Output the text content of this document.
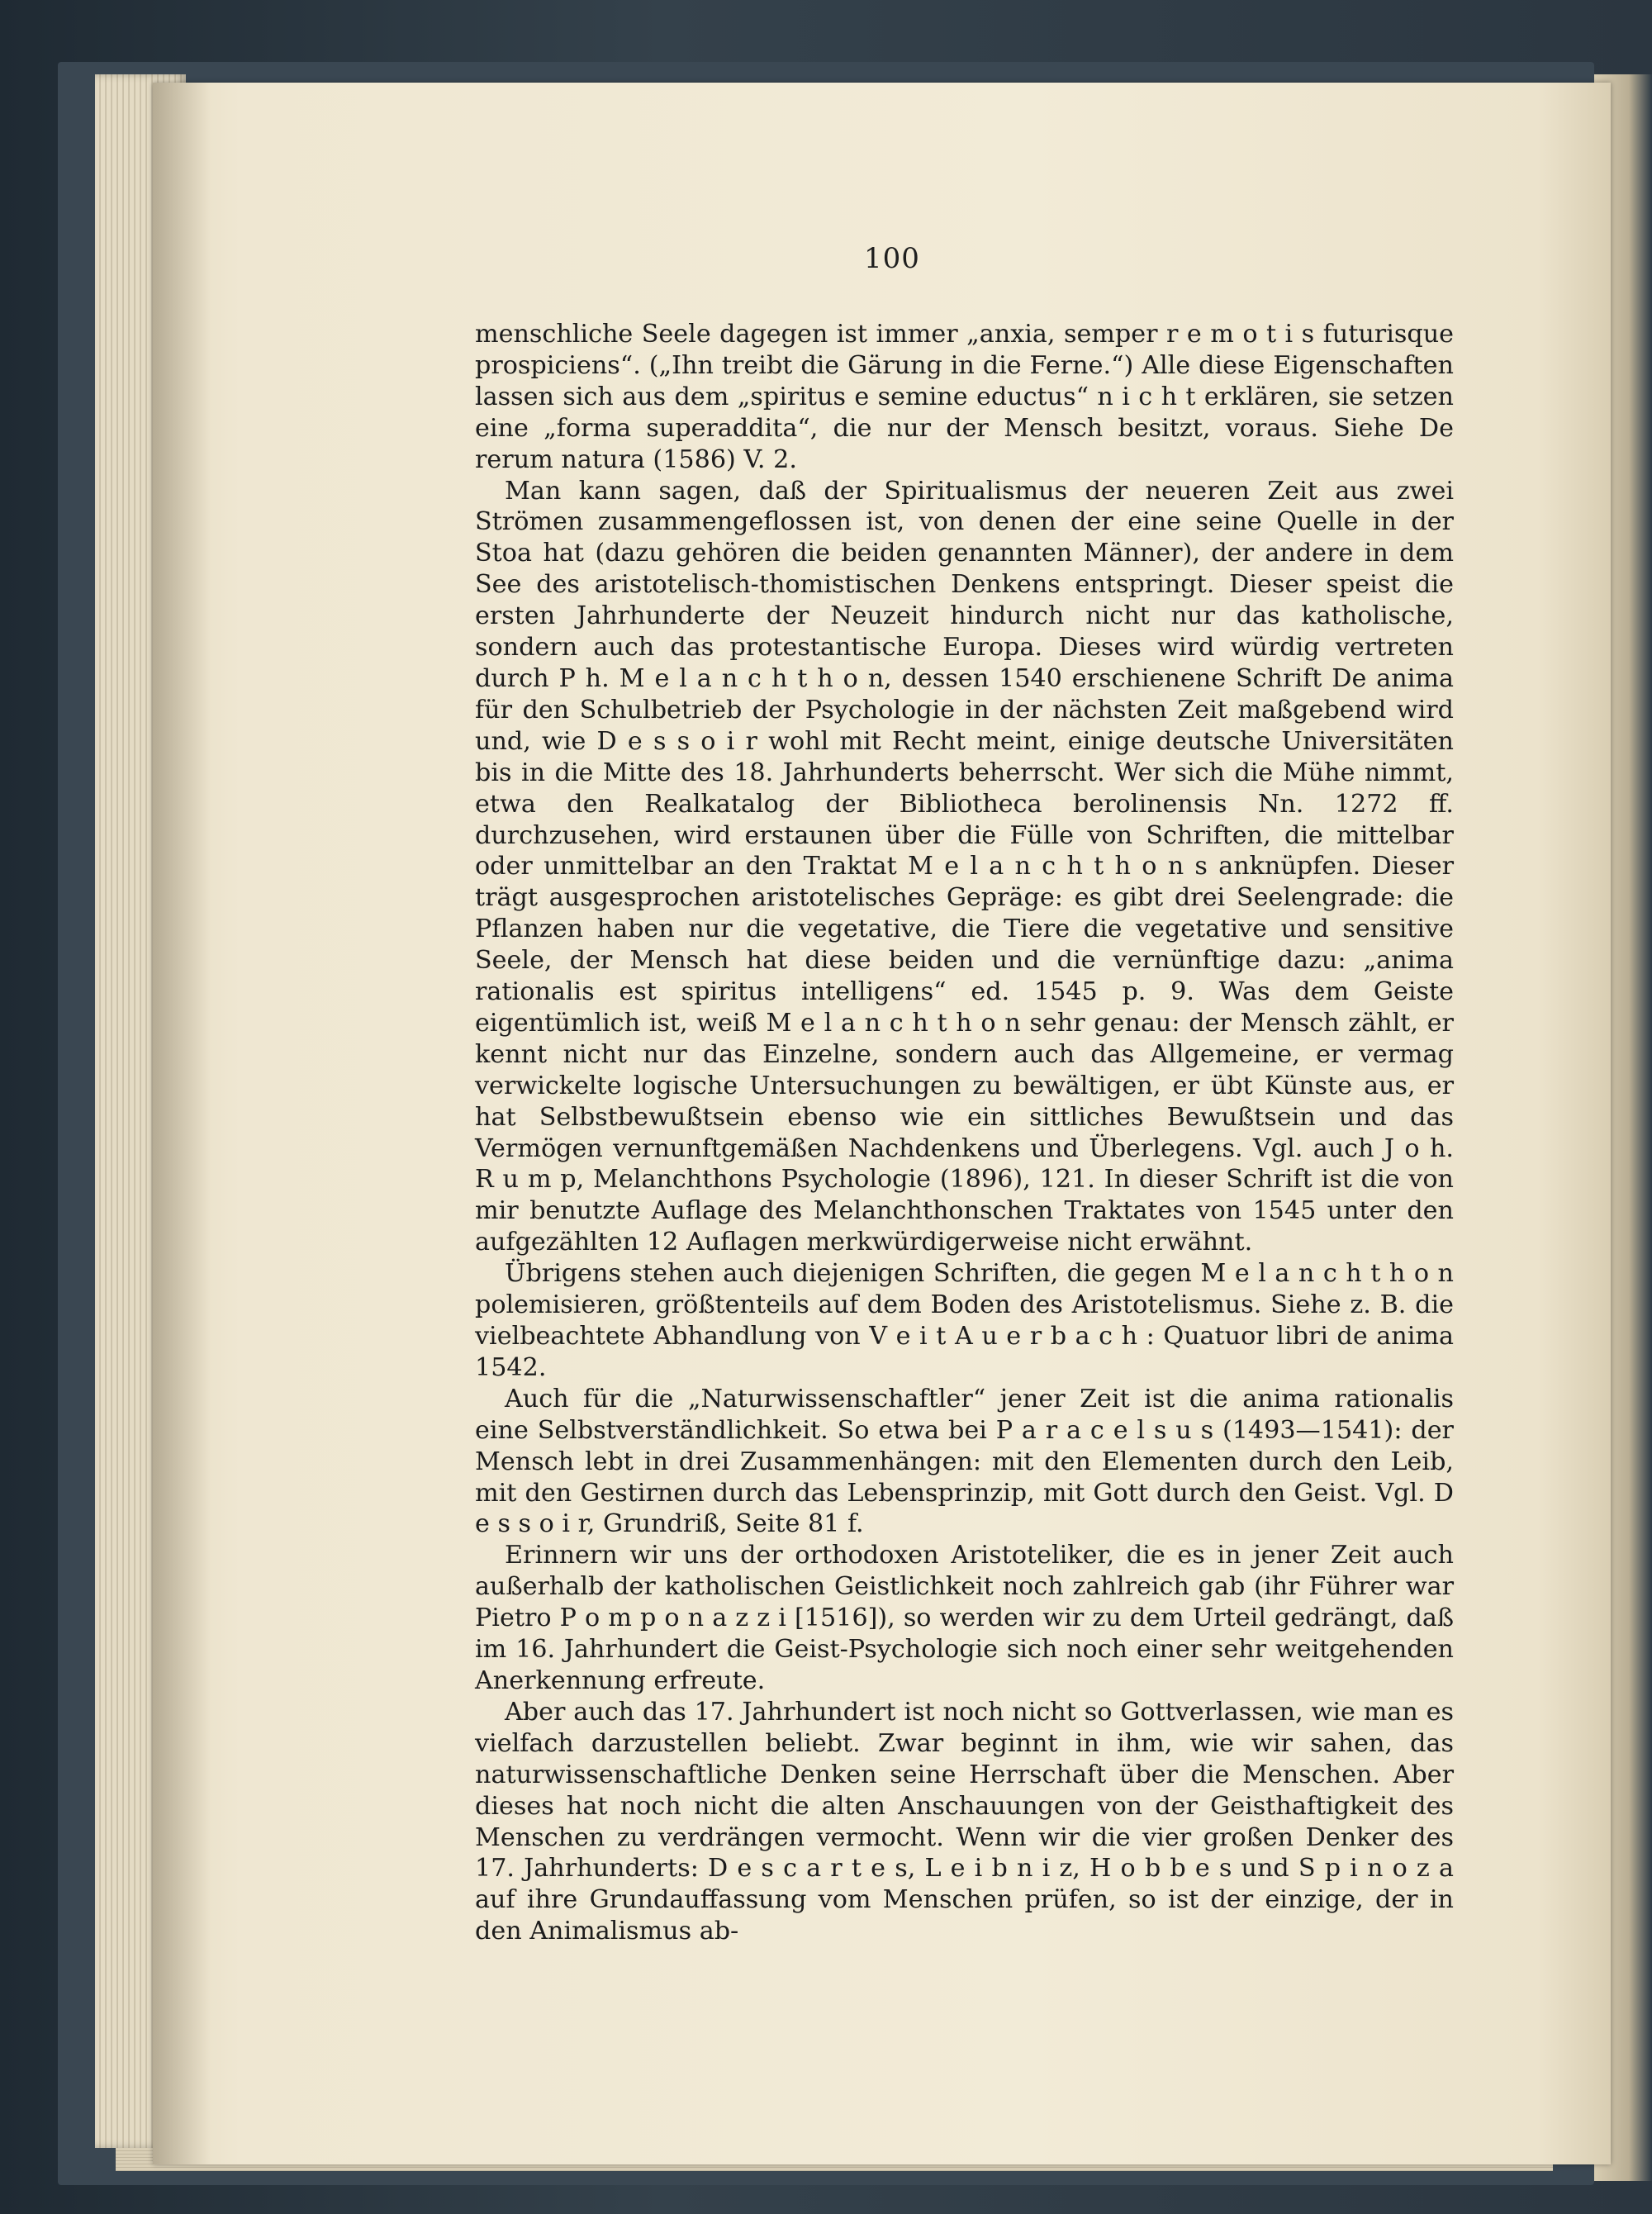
100

menschliche Seele dagegen ist immer „anxia, semper r e m o t i s futurisque prospiciens“. („Ihn treibt die Gärung in die Ferne.“) Alle diese Eigenschaften lassen sich aus dem „spiritus e semine eductus“ n i c h t erklären, sie setzen eine „forma superaddita“, die nur der Mensch besitzt, voraus. Siehe De rerum natura (1586) V. 2.

Man kann sagen, daß der Spiritualismus der neueren Zeit aus zwei Strömen zusammengeflossen ist, von denen der eine seine Quelle in der Stoa hat (dazu gehören die beiden genannten Männer), der andere in dem See des aristotelisch-thomistischen Denkens entspringt. Dieser speist die ersten Jahrhunderte der Neuzeit hindurch nicht nur das katholische, sondern auch das protestantische Europa. Dieses wird würdig vertreten durch P h. M e l a n c h t h o n, dessen 1540 erschienene Schrift De anima für den Schulbetrieb der Psychologie in der nächsten Zeit maßgebend wird und, wie D e s s o i r wohl mit Recht meint, einige deutsche Universitäten bis in die Mitte des 18. Jahrhunderts beherrscht. Wer sich die Mühe nimmt, etwa den Realkatalog der Bibliotheca berolinensis Nn. 1272 ff. durchzusehen, wird erstaunen über die Fülle von Schriften, die mittelbar oder unmittelbar an den Traktat M e l a n c h t h o n s anknüpfen. Dieser trägt ausgesprochen aristotelisches Gepräge: es gibt drei Seelengrade: die Pflanzen haben nur die vegetative, die Tiere die vegetative und sensitive Seele, der Mensch hat diese beiden und die vernünftige dazu: „anima rationalis est spiritus intelligens“ ed. 1545 p. 9. Was dem Geiste eigentümlich ist, weiß M e l a n c h t h o n sehr genau: der Mensch zählt, er kennt nicht nur das Einzelne, sondern auch das Allgemeine, er vermag verwickelte logische Untersuchungen zu bewältigen, er übt Künste aus, er hat Selbstbewußtsein ebenso wie ein sittliches Bewußtsein und das Vermögen vernunftgemäßen Nachdenkens und Überlegens. Vgl. auch J o h. R u m p, Melanchthons Psychologie (1896), 121. In dieser Schrift ist die von mir benutzte Auflage des Melanchthonschen Traktates von 1545 unter den aufgezählten 12 Auflagen merkwürdigerweise nicht erwähnt.

Übrigens stehen auch diejenigen Schriften, die gegen M e l a n c h t h o n polemisieren, größtenteils auf dem Boden des Aristotelismus. Siehe z. B. die vielbeachtete Abhandlung von V e i t A u e r b a c h : Quatuor libri de anima 1542.

Auch für die „Naturwissenschaftler“ jener Zeit ist die anima rationalis eine Selbstverständlichkeit. So etwa bei P a r a c e l s u s (1493—1541): der Mensch lebt in drei Zusammenhängen: mit den Elementen durch den Leib, mit den Gestirnen durch das Lebensprinzip, mit Gott durch den Geist. Vgl. D e s s o i r, Grundriß, Seite 81 f.

Erinnern wir uns der orthodoxen Aristoteliker, die es in jener Zeit auch außerhalb der katholischen Geistlichkeit noch zahlreich gab (ihr Führer war Pietro P o m p o n a z z i [1516]), so werden wir zu dem Urteil gedrängt, daß im 16. Jahrhundert die Geist-Psychologie sich noch einer sehr weitgehenden Anerkennung erfreute.

Aber auch das 17. Jahrhundert ist noch nicht so Gottverlassen, wie man es vielfach darzustellen beliebt. Zwar beginnt in ihm, wie wir sahen, das naturwissenschaftliche Denken seine Herrschaft über die Menschen. Aber dieses hat noch nicht die alten Anschauungen von der Geisthaftigkeit des Menschen zu verdrängen vermocht. Wenn wir die vier großen Denker des 17. Jahrhunderts: D e s c a r t e s, L e i b n i z, H o b b e s und S p i n o z a auf ihre Grundauffassung vom Menschen prüfen, so ist der einzige, der in den Animalismus ab-
